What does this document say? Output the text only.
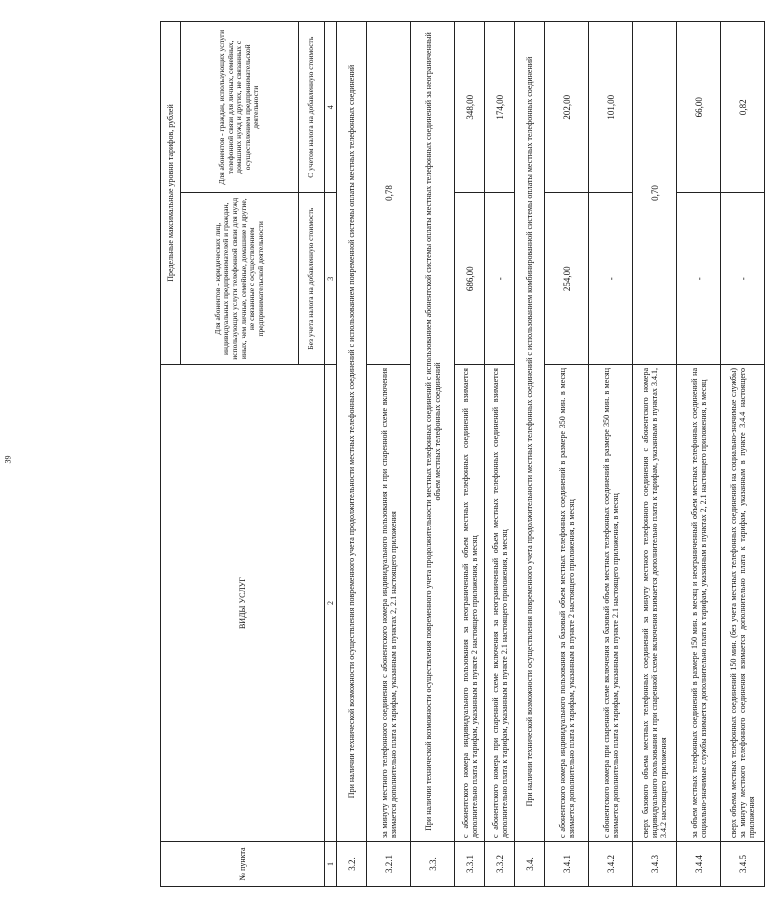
39
№ пункта	ВИДЫ УСЛУГ	Предельные максимальные уровни тарифов, рублей	
		Для абонентов - юридических лиц, индивидуальных предпринимателей и граждан, использующих услуги телефонной связи для нужд иных, чем личные, семейные, домашние и другие, не связанные с осуществлением предпринимательской деятельности	Для абонентов - граждан, использующих услуги телефонной связи для личных, семейных, домашних нужд и других, не связанных с осуществлением предпринимательской деятельности
		Без учета налога на добавленную стоимость	С учетом налога на добавленную стоимость
1	2	3	4
3.2.	При наличии технической возможности осуществления повременного учета продолжительности местных телефонных соединений с использованием повременной системы оплаты местных телефонных соединений		
3.2.1	за минуту местного телефонного соединения с абонентского номера индивидуального пользования и при спаренной схеме включения взимается дополнительно плата к тарифам, указанным в пунктах 2, 2.1 настоящего приложения	0,78	
3.3.	При наличии технической возможности осуществления повременного учета продолжительности местных телефонных соединений с использованием абонентской системы оплаты местных телефонных соединений за неограниченный объем местных телефонных соединений		
3.3.1	с абонентского номера индивидуального пользования за неограниченный объем местных телефонных соединений взимается дополнительно плата к тарифам, указанным в пункте 2 настоящего приложения, в месяц	686,00	348,00
3.3.2	с абонентского номера при спаренной схеме включения за неограниченный объем местных телефонных соединений взимается дополнительно плата к тарифам, указанным в пункте 2.1 настоящего приложения, в месяц	-	174,00
3.4.	При наличии технической возможности осуществления повременного учета продолжительности местных телефонных соединений с использованием комбинированной системы оплаты местных телефонных соединений		
3.4.1	с абонентского номера индивидуального пользования за базовый объем местных телефонных соединений в размере 350 мин. в месяц взимается дополнительно плата к тарифам, указанным в пункте 2 настоящего приложения, в месяц	254,00	202,00
3.4.2	с абонентского номера при спаренной схеме включения за базовый объем местных телефонных соединений в размере 350 мин. в месяц взимается дополнительно плата к тарифам, указанным в пункте 2.1 настоящего приложения, в месяц	-	101,00
3.4.3	сверх базового объема местных телефонных соединений за минуту местного телефонного соединения с абонентского номера индивидуального пользования и при спаренной схеме включения взимается дополнительно плата к тарифам, указанным в пунктах 3.4.1, 3.4.2 настоящего приложения	0,70	
3.4.4	за объем местных телефонных соединений в размере 150 мин. в месяц и неограниченный объем местных телефонных соединений на социально-значимые службы взимается дополнительно плата к тарифам, указанным в пунктах 2, 2.1 настоящего приложения, в месяц	-	66,00
3.4.5	сверх объема местных телефонных соединений 150 мин. (без учета местных телефонных соединений на социально-значимые службы) за минуту местного телефонного соединения взимается дополнительно плата к тарифам, указанным в пункте 3.4.4 настоящего приложения	-	0,82
